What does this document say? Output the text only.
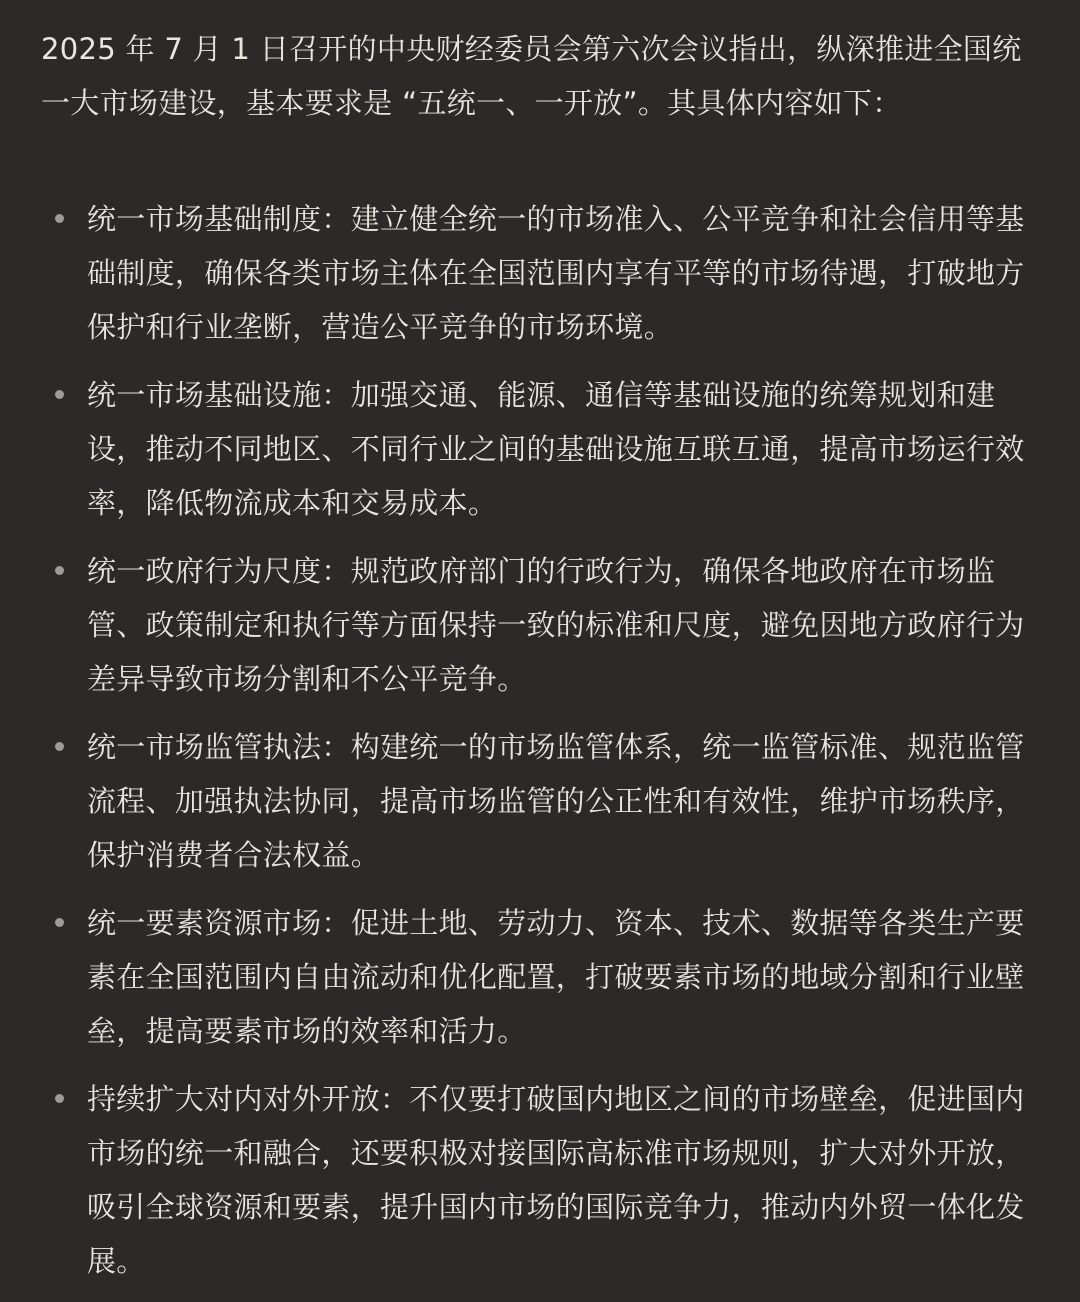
2025 年 7 月 1 日召开的中央财经委员会第六次会议指出，纵深推进全国统一大市场建设，基本要求是 “五统一、一开放”。其具体内容如下：

统一市场基础制度：建立健全统一的市场准入、公平竞争和社会信用等基础制度，确保各类市场主体在全国范围内享有平等的市场待遇，打破地方保护和行业垄断，营造公平竞争的市场环境。
统一市场基础设施：加强交通、能源、通信等基础设施的统筹规划和建设，推动不同地区、不同行业之间的基础设施互联互通，提高市场运行效率，降低物流成本和交易成本。
统一政府行为尺度：规范政府部门的行政行为，确保各地政府在市场监管、政策制定和执行等方面保持一致的标准和尺度，避免因地方政府行为差异导致市场分割和不公平竞争。
统一市场监管执法：构建统一的市场监管体系，统一监管标准、规范监管流程、加强执法协同，提高市场监管的公正性和有效性，维护市场秩序，保护消费者合法权益。
统一要素资源市场：促进土地、劳动力、资本、技术、数据等各类生产要素在全国范围内自由流动和优化配置，打破要素市场的地域分割和行业壁垒，提高要素市场的效率和活力。
持续扩大对内对外开放：不仅要打破国内地区之间的市场壁垒，促进国内市场的统一和融合，还要积极对接国际高标准市场规则，扩大对外开放，吸引全球资源和要素，提升国内市场的国际竞争力，推动内外贸一体化发展。
